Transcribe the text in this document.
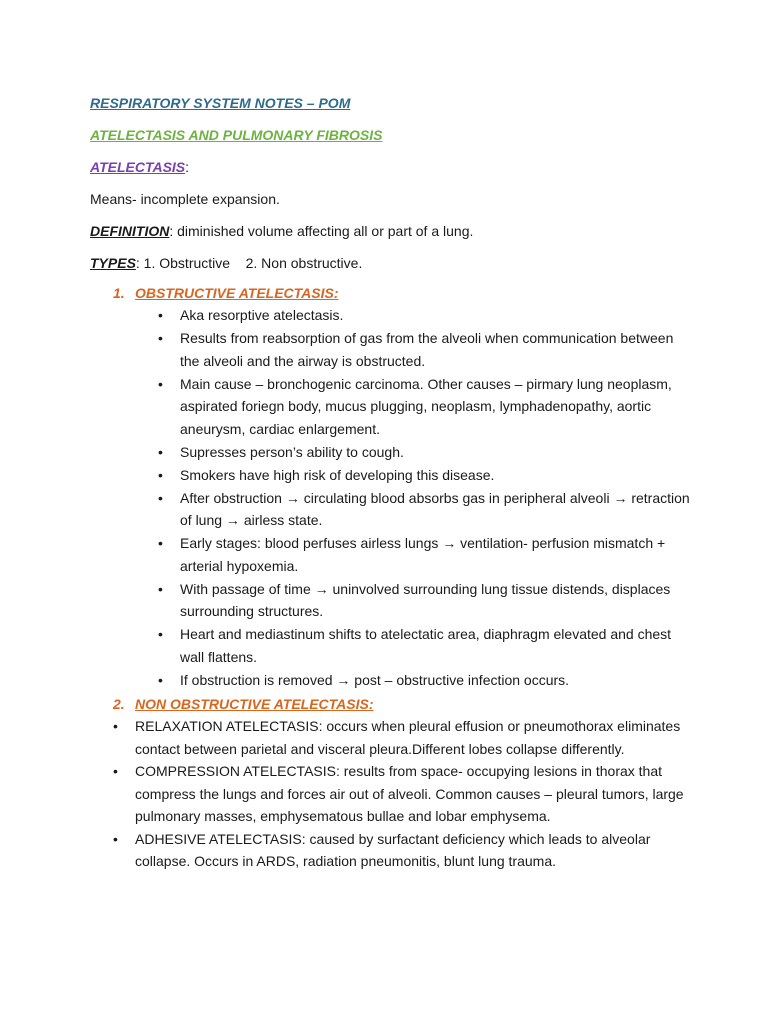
RESPIRATORY SYSTEM NOTES – POM

ATELECTASIS AND PULMONARY FIBROSIS

ATELECTASIS:

Means- incomplete expansion.

DEFINITION: diminished volume affecting all or part of a lung.

TYPES: 1. Obstructive    2. Non obstructive.

1. OBSTRUCTIVE ATELECTASIS:
• Aka resorptive atelectasis.
• Results from reabsorption of gas from the alveoli when communication between the alveoli and the airway is obstructed.
• Main cause – bronchogenic carcinoma. Other causes – pirmary lung neoplasm, aspirated foriegn body, mucus plugging, neoplasm, lymphadenopathy, aortic aneurysm, cardiac enlargement.
• Supresses person’s ability to cough.
• Smokers have high risk of developing this disease.
• After obstruction → circulating blood absorbs gas in peripheral alveoli → retraction of lung → airless state.
• Early stages: blood perfuses airless lungs → ventilation- perfusion mismatch + arterial hypoxemia.
• With passage of time → uninvolved surrounding lung tissue distends, displaces surrounding structures.
• Heart and mediastinum shifts to atelectatic area, diaphragm elevated and chest wall flattens.
• If obstruction is removed → post – obstructive infection occurs.
2. NON OBSTRUCTIVE ATELECTASIS:
• RELAXATION ATELECTASIS: occurs when pleural effusion or pneumothorax eliminates contact between parietal and visceral pleura.Different lobes collapse differently.
• COMPRESSION ATELECTASIS: results from space- occupying lesions in thorax that compress the lungs and forces air out of alveoli. Common causes – pleural tumors, large pulmonary masses, emphysematous bullae and lobar emphysema.
• ADHESIVE ATELECTASIS: caused by surfactant deficiency which leads to alveolar collapse. Occurs in ARDS, radiation pneumonitis, blunt lung trauma.
